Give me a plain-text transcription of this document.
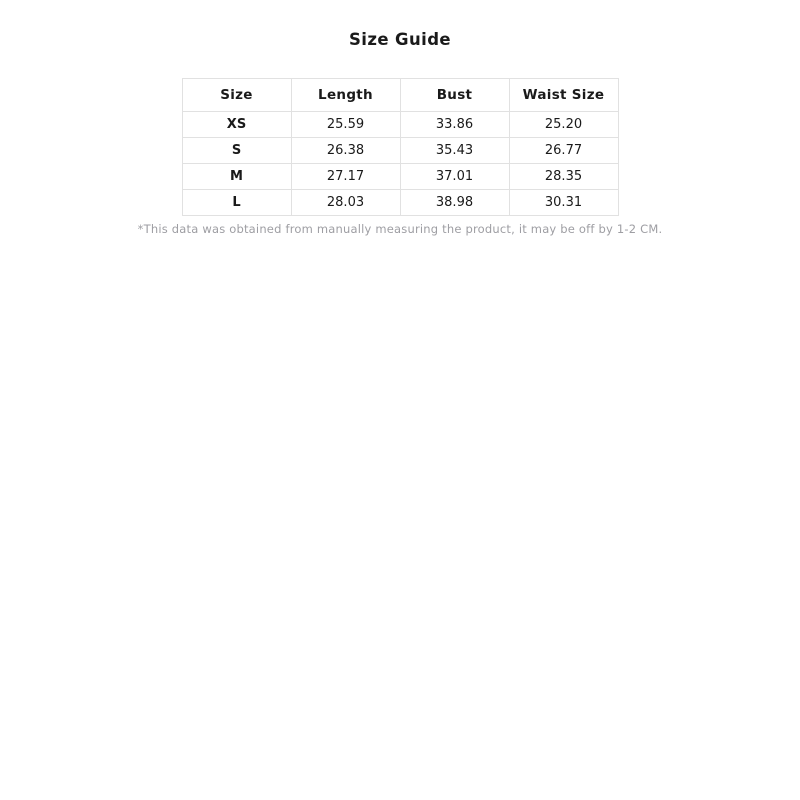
Size Guide
Size	Length	Bust	Waist Size
XS	25.59	33.86	25.20
S	26.38	35.43	26.77
M	27.17	37.01	28.35
L	28.03	38.98	30.31

*This data was obtained from manually measuring the product, it may be off by 1-2 CM.
